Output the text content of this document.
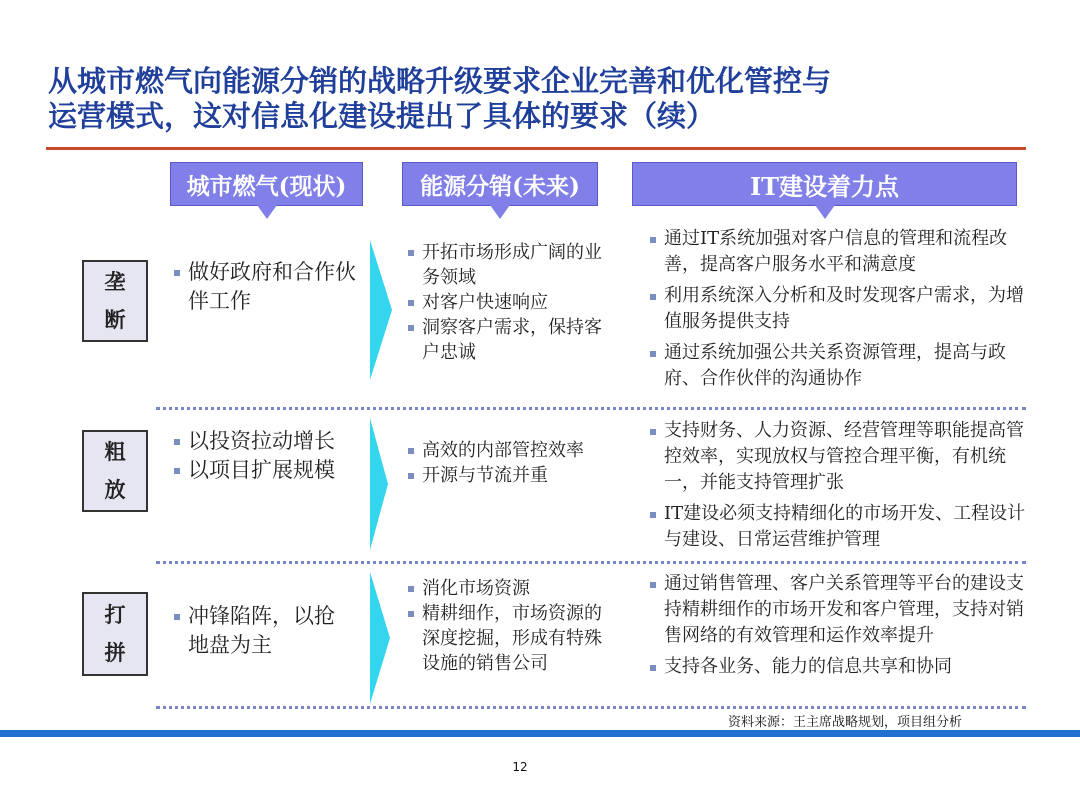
从城市燃气向能源分销的战略升级要求企业完善和优化管控与
运营模式，这对信息化建设提出了具体的要求（续）
城市燃气(现状)	能源分销(未来)	IT建设着力点
垄
断
做好政府和合作伙伴工作
开拓市场形成广阔的业务领域
对客户快速响应
洞察客户需求，保持客户忠诚
通过IT系统加强对客户信息的管理和流程改善，提高客户服务水平和满意度
利用系统深入分析和及时发现客户需求，为增值服务提供支持
通过系统加强公共关系资源管理，提高与政府、合作伙伴的沟通协作
粗
放
以投资拉动增长
以项目扩展规模
高效的内部管控效率
开源与节流并重
支持财务、人力资源、经营管理等职能提高管控效率，实现放权与管控合理平衡，有机统一，并能支持管理扩张
IT建设必须支持精细化的市场开发、工程设计与建设、日常运营维护管理
打
拼
冲锋陷阵，以抢地盘为主
消化市场资源
精耕细作，市场资源的深度挖掘，形成有特殊设施的销售公司
通过销售管理、客户关系管理等平台的建设支持精耕细作的市场开发和客户管理，支持对销售网络的有效管理和运作效率提升
支持各业务、能力的信息共享和协同
资料来源：王主席战略规划，项目组分析
12
